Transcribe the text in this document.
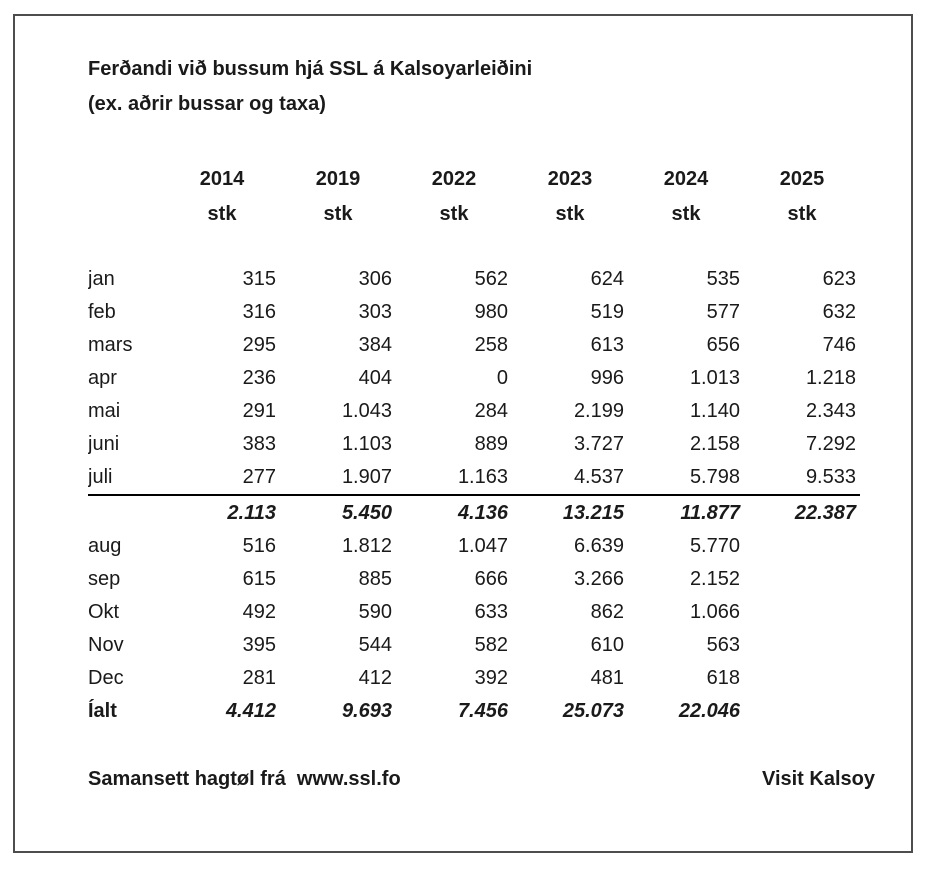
Ferðandi við bussum hjá SSL á Kalsoyarleiðini
(ex. aðrir bussar og taxa)
	2014	2019	2022	2023	2024	2025
	stk	stk	stk	stk	stk	stk

jan	315	306	562	624	535	623
feb	316	303	980	519	577	632
mars	295	384	258	613	656	746
apr	236	404	0	996	1.013	1.218
mai	291	1.043	284	2.199	1.140	2.343
juni	383	1.103	889	3.727	2.158	7.292
juli	277	1.907	1.163	4.537	5.798	9.533
	2.113	5.450	4.136	13.215	11.877	22.387
aug	516	1.812	1.047	6.639	5.770	
sep	615	885	666	3.266	2.152	
Okt	492	590	633	862	1.066	
Nov	395	544	582	610	563	
Dec	281	412	392	481	618	
Íalt	4.412	9.693	7.456	25.073	22.046	
Samansett hagtøl frá  www.ssl.fo	Visit Kalsoy
